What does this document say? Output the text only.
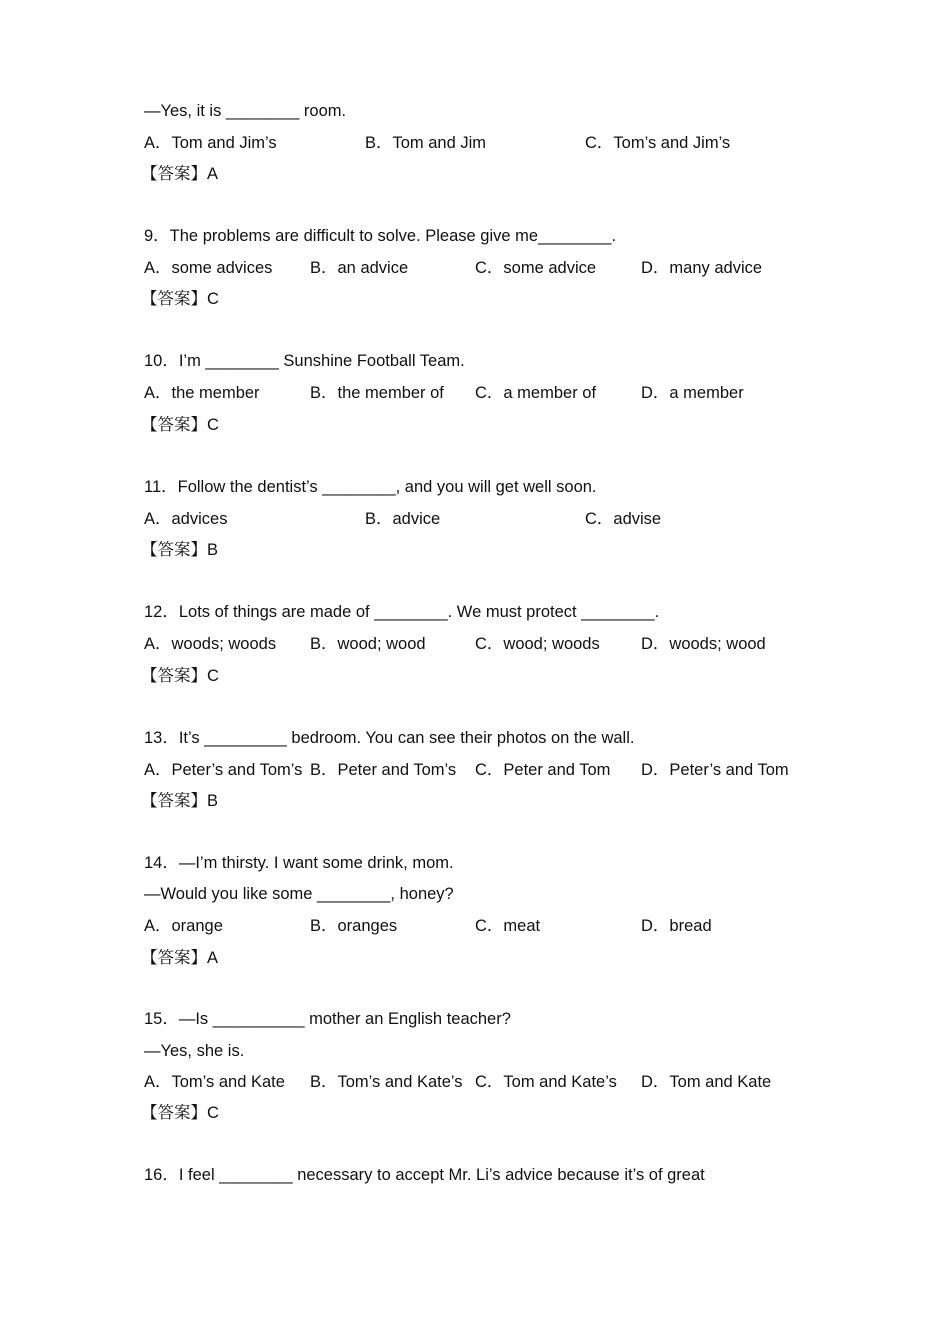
—Yes, it is ________ room.
A．Tom and Jim’s	B．Tom and Jim	C．Tom’s and Jim’s
【答案】A
9．The problems are difficult to solve. Please give me________.
A．some advices B．an advice	C．some advice	D．many advice
【答案】C
10．I’m ________ Sunshine Football Team.
A．the member	B．the member of C．a member of	D．a member
【答案】C
11．Follow the dentist’s ________, and you will get well soon.
A．advices	B．advice	C．advise
【答案】B
12．Lots of things are made of ________. We must protect ________.
A．woods; woods B．wood; wood	C．wood; woods	D．woods; wood
【答案】C
13．It’s _________ bedroom. You can see their photos on the wall.
A．Peter’s and Tom’s B．Peter and Tom’s C．Peter and Tom D．Peter’s and Tom
【答案】B
14．—I’m thirsty. I want some drink, mom.
—Would you like some ________, honey?
A．orange	B．oranges	C．meat	D．bread
【答案】A
15．—Is __________ mother an English teacher?
—Yes, she is.
A．Tom’s and Kate B．Tom’s and Kate’s C．Tom and Kate’s D．Tom and Kate
【答案】C
16．I feel ________ necessary to accept Mr. Li’s advice because it’s of great
